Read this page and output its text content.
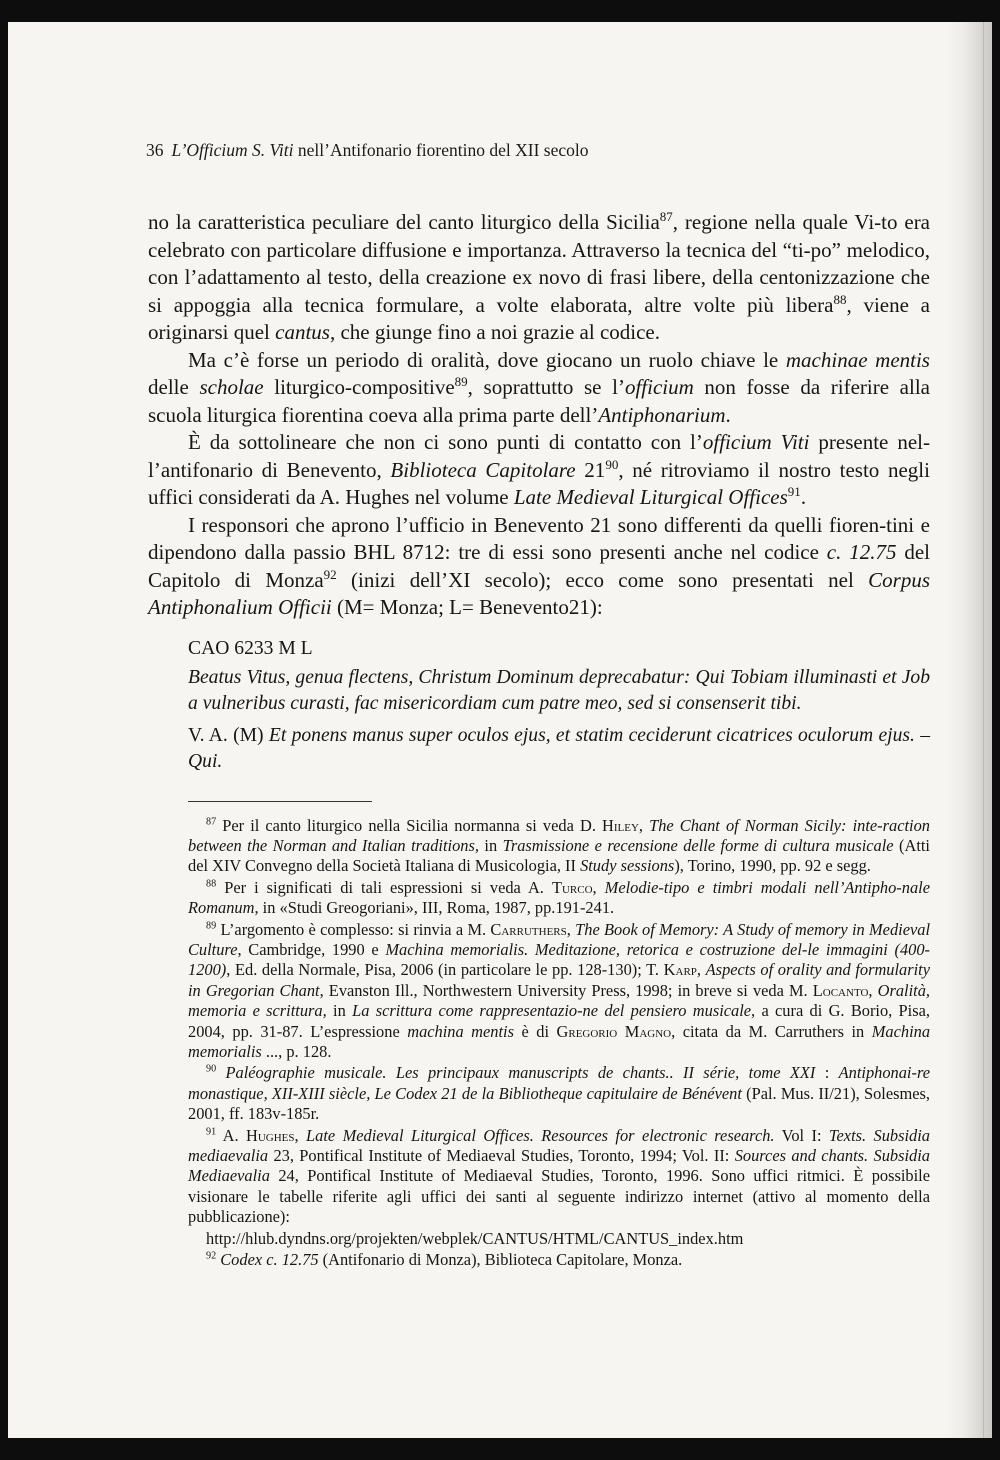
36 L’Officium S. Viti nell’Antifonario fiorentino del XII secolo

no la caratteristica peculiare del canto liturgico della Sicilia$^{87}$, regione nella quale Vi-to era celebrato con particolare diffusione e importanza. Attraverso la tecnica del “ti-po” melodico, con l’adattamento al testo, della creazione ex novo di frasi libere, della centonizzazione che si appoggia alla tecnica formulare, a volte elaborata, altre volte più libera$^{88}$, viene a originarsi quel cantus, che giunge fino a noi grazie al codice.

Ma c’è forse un periodo di oralità, dove giocano un ruolo chiave le machinae mentis delle scholae liturgico-compositive$^{89}$, soprattutto se l’officium non fosse da riferire alla scuola liturgica fiorentina coeva alla prima parte dell’Antiphonarium.

È da sottolineare che non ci sono punti di contatto con l’officium Viti presente nel-l’antifonario di Benevento, Biblioteca Capitolare $21^{90}$, né ritroviamo il nostro testo negli uffici considerati da A. Hughes nel volume Late Medieval Liturgical Offices$^{91}$.

I responsori che aprono l’ufficio in Benevento 21 sono differenti da quelli fioren-tini e dipendono dalla passio BHL 8712: tre di essi sono presenti anche nel codice c. 12.75 del Capitolo di Monza$^{92}$ (inizi dell’XI secolo); ecco come sono presentati nel Corpus Antiphonalium Officii (M= Monza; L= Benevento21):

CAO 6233 M L

Beatus Vitus, genua flectens, Christum Dominum deprecabatur: Qui Tobiam illuminasti et Job a vulneribus curasti, fac misericordiam cum patre meo, sed si consenserit tibi.

V. A. (M) Et ponens manus super oculos ejus, et statim ceciderunt cicatrices oculorum ejus. – Qui.

$^{87}$ Per il canto liturgico nella Sicilia normanna si veda D. Hiley, The Chant of Norman Sicily: inte-raction between the Norman and Italian traditions, in Trasmissione e recensione delle forme di cultura musicale (Atti del XIV Convegno della Società Italiana di Musicologia, II Study sessions), Torino, 1990, pp. 92 e segg.

$^{88}$ Per i significati di tali espressioni si veda A. Turco, Melodie-tipo e timbri modali nell’Antipho-nale Romanum, in «Studi Greogoriani», III, Roma, 1987, pp.191-241.

$^{89}$ L’argomento è complesso: si rinvia a M. Carruthers, The Book of Memory: A Study of memory in Medieval Culture, Cambridge, 1990 e Machina memorialis. Meditazione, retorica e costruzione del-le immagini (400-1200), Ed. della Normale, Pisa, 2006 (in particolare le pp. 128-130); T. Karp, Aspects of orality and formularity in Gregorian Chant, Evanston Ill., Northwestern University Press, 1998; in breve si veda M. Locanto, Oralità, memoria e scrittura, in La scrittura come rappresentazio-ne del pensiero musicale, a cura di G. Borio, Pisa, 2004, pp. 31-87. L’espressione machina mentis è di Gregorio Magno, citata da M. Carruthers in Machina memorialis ..., p. 128.

$^{90}$ Paléographie musicale. Les principaux manuscripts de chants.. II série, tome XXI : Antiphonai-re monastique, XII-XIII siècle, Le Codex 21 de la Bibliotheque capitulaire de Bénévent (Pal. Mus. II/21), Solesmes, 2001, ff. 183v-185r.

$^{91}$ A. Hughes, Late Medieval Liturgical Offices. Resources for electronic research. Vol I: Texts. Subsidia mediaevalia 23, Pontifical Institute of Mediaeval Studies, Toronto, 1994; Vol. II: Sources and chants. Subsidia Mediaevalia 24, Pontifical Institute of Mediaeval Studies, Toronto, 1996. Sono uffici ritmici. È possibile visionare le tabelle riferite agli uffici dei santi al seguente indirizzo internet (attivo al momento della pubblicazione):

http://hlub.dyndns.org/projekten/webplek/CANTUS/HTML/CANTUS_index.htm

$^{92}$ Codex c. 12.75 (Antifonario di Monza), Biblioteca Capitolare, Monza.
